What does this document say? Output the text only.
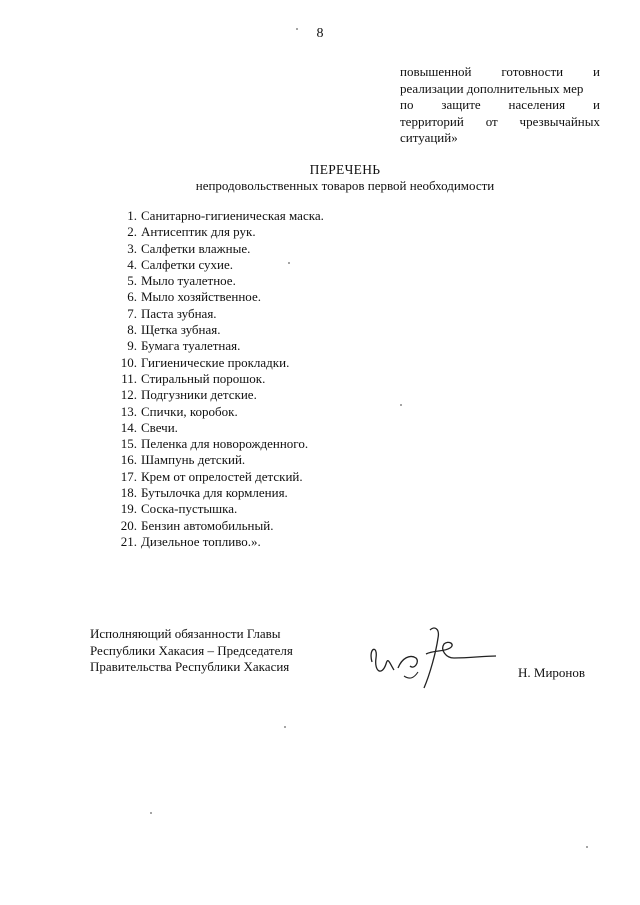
8
повышенной готовности и
реализации дополнительных мер
по защите населения и
территорий от чрезвычайных
ситуаций»
ПЕРЕЧЕНЬ
непродовольственных товаров первой необходимости
1. Санитарно-гигиеническая маска.
2. Антисептик для рук.
3. Салфетки влажные.
4. Салфетки сухие.
5. Мыло туалетное.
6. Мыло хозяйственное.
7. Паста зубная.
8. Щетка зубная.
9. Бумага туалетная.
10. Гигиенические прокладки.
11. Стиральный порошок.
12. Подгузники детские.
13. Спички, коробок.
14. Свечи.
15. Пеленка для новорожденного.
16. Шампунь детский.
17. Крем от опрелостей детский.
18. Бутылочка для кормления.
19. Соска-пустышка.
20. Бензин автомобильный.
21. Дизельное топливо.».
Исполняющий обязанности Главы
Республики Хакасия – Председателя
Правительства Республики Хакасия	Н. Миронов
